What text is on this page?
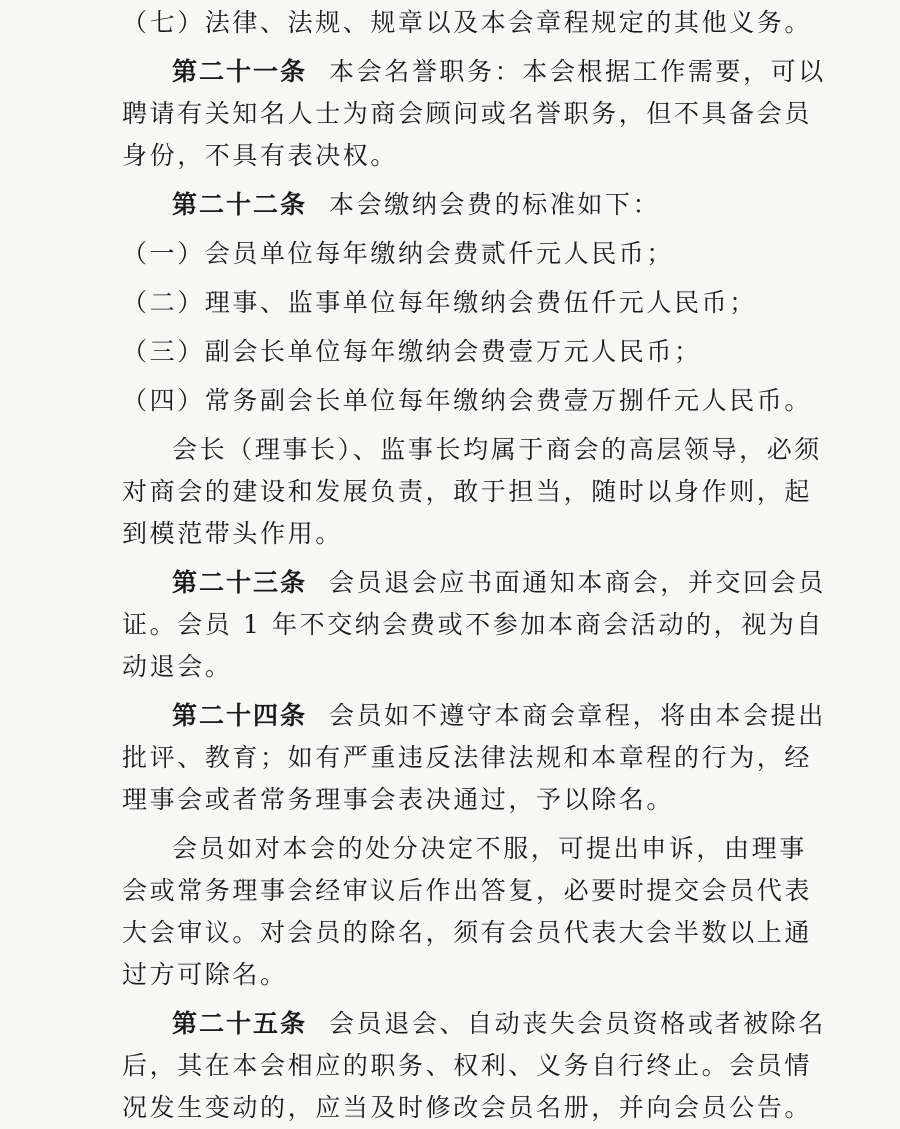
（七）法律、法规、规章以及本会章程规定的其他义务。

第二十一条 本会名誉职务：本会根据工作需要，可以聘请有关知名人士为商会顾问或名誉职务，但不具备会员身份，不具有表决权。

第二十二条 本会缴纳会费的标准如下：

（一）会员单位每年缴纳会费贰仟元人民币；

（二）理事、监事单位每年缴纳会费伍仟元人民币；

（三）副会长单位每年缴纳会费壹万元人民币；

（四）常务副会长单位每年缴纳会费壹万捌仟元人民币。

会长（理事长）、监事长均属于商会的高层领导，必须对商会的建设和发展负责，敢于担当，随时以身作则，起到模范带头作用。

第二十三条 会员退会应书面通知本商会，并交回会员证。会员 1 年不交纳会费或不参加本商会活动的，视为自动退会。

第二十四条 会员如不遵守本商会章程，将由本会提出批评、教育；如有严重违反法律法规和本章程的行为，经理事会或者常务理事会表决通过，予以除名。

会员如对本会的处分决定不服，可提出申诉，由理事会或常务理事会经审议后作出答复，必要时提交会员代表大会审议。对会员的除名，须有会员代表大会半数以上通过方可除名。

第二十五条 会员退会、自动丧失会员资格或者被除名后，其在本会相应的职务、权利、义务自行终止。会员情况发生变动的，应当及时修改会员名册，并向会员公告。
